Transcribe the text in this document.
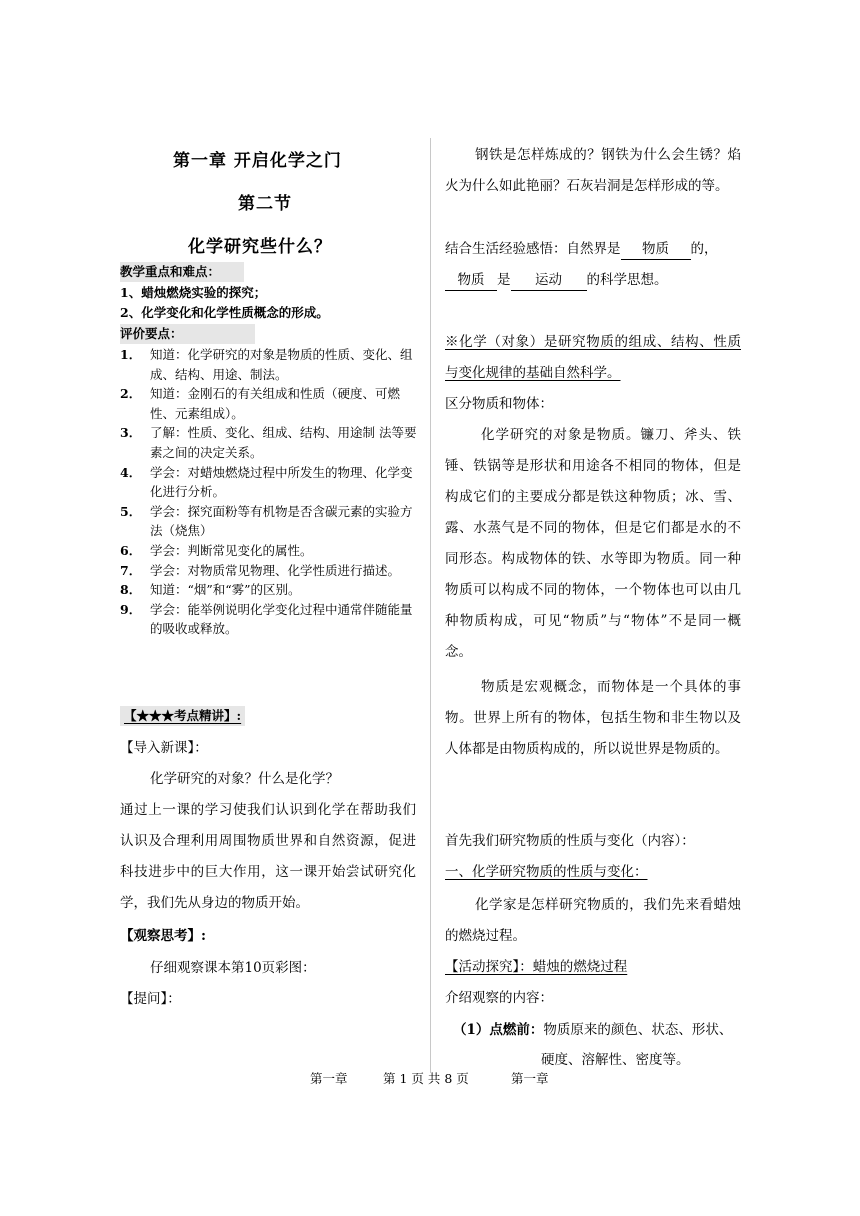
第一章 开启化学之门
第二节
化学研究些什么？
教学重点和难点：
1、蜡烛燃烧实验的探究；
2、化学变化和化学性质概念的形成。
评价要点：
1． 知道：化学研究的对象是物质的性质、变化、组成、结构、用途、制法。
2． 知道：金刚石的有关组成和性质（硬度、可燃性、元素组成）。
3． 了解：性质、变化、组成、结构、用途制 法等要素之间的决定关系。
4． 学会：对蜡烛燃烧过程中所发生的物理、化学变化进行分析。
5． 学会：探究面粉等有机物是否含碳元素的实验方法（烧焦）
6． 学会：判断常见变化的属性。
7． 学会：对物质常见物理、化学性质进行描述。
8． 知道：“烟”和“雾”的区别。
9． 学会：能举例说明化学变化过程中通常伴随能量的吸收或释放。
【★★★考点精讲】:
【导入新课】：
化学研究的对象？什么是化学？
通过上一课的学习使我们认识到化学在帮助我们认识及合理利用周围物质世界和自然资源，促进科技进步中的巨大作用，这一课开始尝试研究化学，我们先从身边的物质开始。
【观察思考】:
仔细观察课本第10页彩图：
【提问】：
钢铁是怎样炼成的？钢铁为什么会生锈？焰火为什么如此艳丽？石灰岩洞是怎样形成的等。
结合生活经验感悟：自然界是 物质 的，
物质 是 运动 的科学思想。
※化学（对象）是研究物质的组成、结构、性质与变化规律的基础自然科学。
区分物质和物体：
化学研究的对象是物质。镰刀、斧头、铁锤、铁锅等是形状和用途各不相同的物体，但是构成它们的主要成分都是铁这种物质；冰、雪、露、水蒸气是不同的物体，但是它们都是水的不同形态。构成物体的铁、水等即为物质。同一种物质可以构成不同的物体，一个物体也可以由几种物质构成，可见“物质”与“物体”不是同一概念。
物质是宏观概念，而物体是一个具体的事物。世界上所有的物体，包括生物和非生物以及人体都是由物质构成的，所以说世界是物质的。
首先我们研究物质的性质与变化（内容）：
一、化学研究物质的性质与变化：
化学家是怎样研究物质的，我们先来看蜡烛的燃烧过程。
【活动探究】：蜡烛的燃烧过程
介绍观察的内容：
（1）点燃前：物质原来的颜色、状态、形状、
硬度、溶解性、密度等。
第一章	第 1 页 共 8 页	第一章
